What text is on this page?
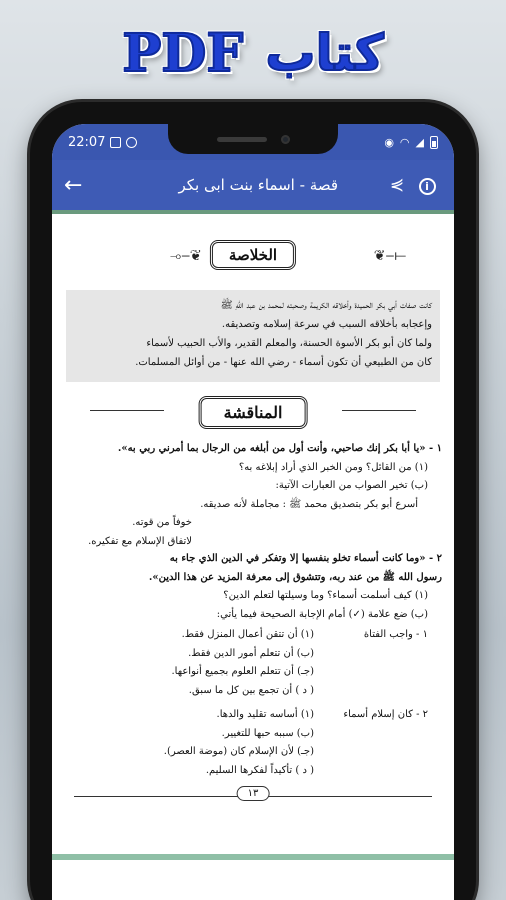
كتاب
PDF
22:07	◉ ◠ ◢
←	قصة - اسماء بنت ابى بكر	⋞	i
❦‒⟜	⟞‒❦
الخلاصة

كانت صفات أبي بكر الحميدة وأخلاقه الكريمة وصحبته لمحمد بن عبد اللهِ ﷺ

وإعجابه بأخلاقه السبب في سرعة إسلامه وتصديقه.

ولما كان أبو بكر الأسوة الحسنة، والمعلم القدير، والأب الحبيب لأسماء

كان من الطبيعي أن تكون أسماء - رضي الله عنها - من أوائل المسلمات.

المناقشة

١ - «يا أبا بكر إنك صاحبي، وأنت أول من أبلغه من الرجال بما أمرني ربي به».

(١) من القائل؟ ومن الخبر الذي أراد إبلاغه به؟

(ب) تخير الصواب من العبارات الآتية:

أسرع أبو بكر بتصديق محمد ﷺ : مجاملة لأنه صديقه.

خوفاً من قوته.

لاتفاق الإسلام مع تفكيره.

٢ - «وما كانت أسماء تخلو بنفسها إلا وتفكر في الدين الذي جاء به

رسول الله ﷺ من عند ربه، وتتشوق إلى معرفة المزيد عن هذا الدين».

(١) كيف أسلمت أسماء؟ وما وسيلتها لتعلم الدين؟

(ب) ضع علامة (✓) أمام الإجابة الصحيحة فيما يأتي:

١ - واجب الفتاة

(١) أن تتقن أعمال المنزل فقط.

(ب) أن تتعلم أمور الدين فقط.

(جـ) أن تتعلم العلوم بجميع أنواعها.

( د ) أن تجمع بين كل ما سبق.

٢ - كان إسلام أسماء

(١) أساسه تقليد والدها.

(ب) سببه حبها للتغيير.

(جـ) لأن الإسلام كان (موضة العصر).

( د ) تأكيداً لفكرها السليم.

١٣
